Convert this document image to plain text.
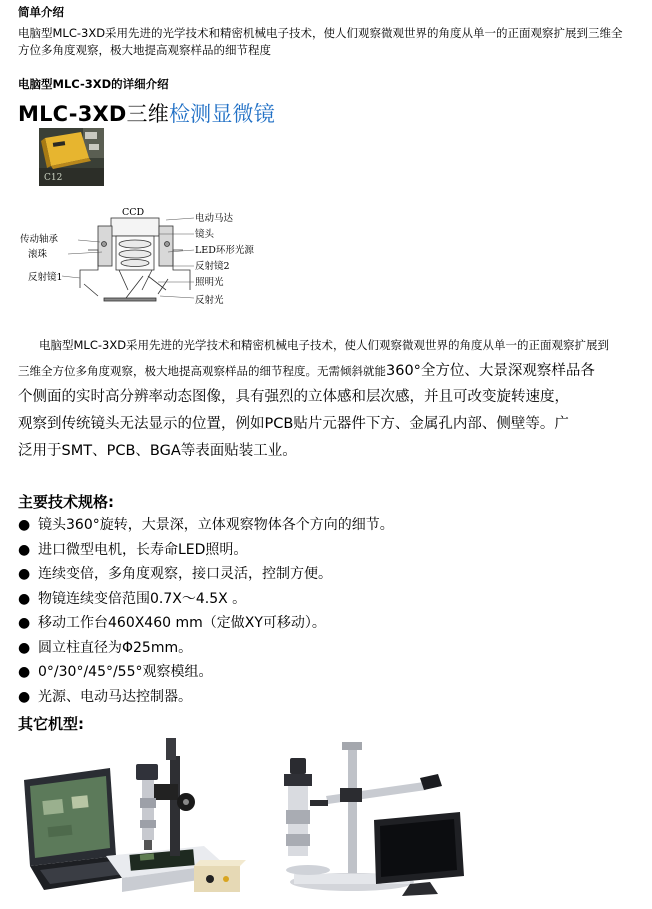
简单介绍
电脑型MLC-3XD采用先进的光学技术和精密机械电子技术，使人们观察微观世界的角度从单一的正面观察扩展到三维全方位多角度观察，极大地提高观察样品的细节程度
电脑型MLC-3XD的详细介绍
MLC-3XD三维检测显微镜
C12
CCD
电动马达
镜头
LED环形光源
反射镜2
照明光
反射光
传动轴承
滚珠
反射镜1
电脑型MLC-3XD采用先进的光学技术和精密机械电子技术，使人们观察微观世界的角度从单一的正面观察扩展到
三维全方位多角度观察，极大地提高观察样品的细节程度。无需倾斜就能360°全方位、大景深观察样品各
个侧面的实时高分辨率动态图像，具有强烈的立体感和层次感，并且可改变旋转速度，
观察到传统镜头无法显示的位置，例如PCB贴片元器件下方、金属孔内部、侧壁等。广
泛用于SMT、PCB、BGA等表面贴装工业。
主要技术规格:
● 镜头360°旋转，大景深，立体观察物体各个方向的细节。
● 进口微型电机，长寿命LED照明。
● 连续变倍，多角度观察，接口灵活，控制方便。
● 物镜连续变倍范围0.7X～4.5X 。
● 移动工作台460X460 mm（定做XY可移动）。
● 圆立柱直径为Φ25mm。
● 0°/30°/45°/55°观察模组。
● 光源、电动马达控制器。
其它机型:
